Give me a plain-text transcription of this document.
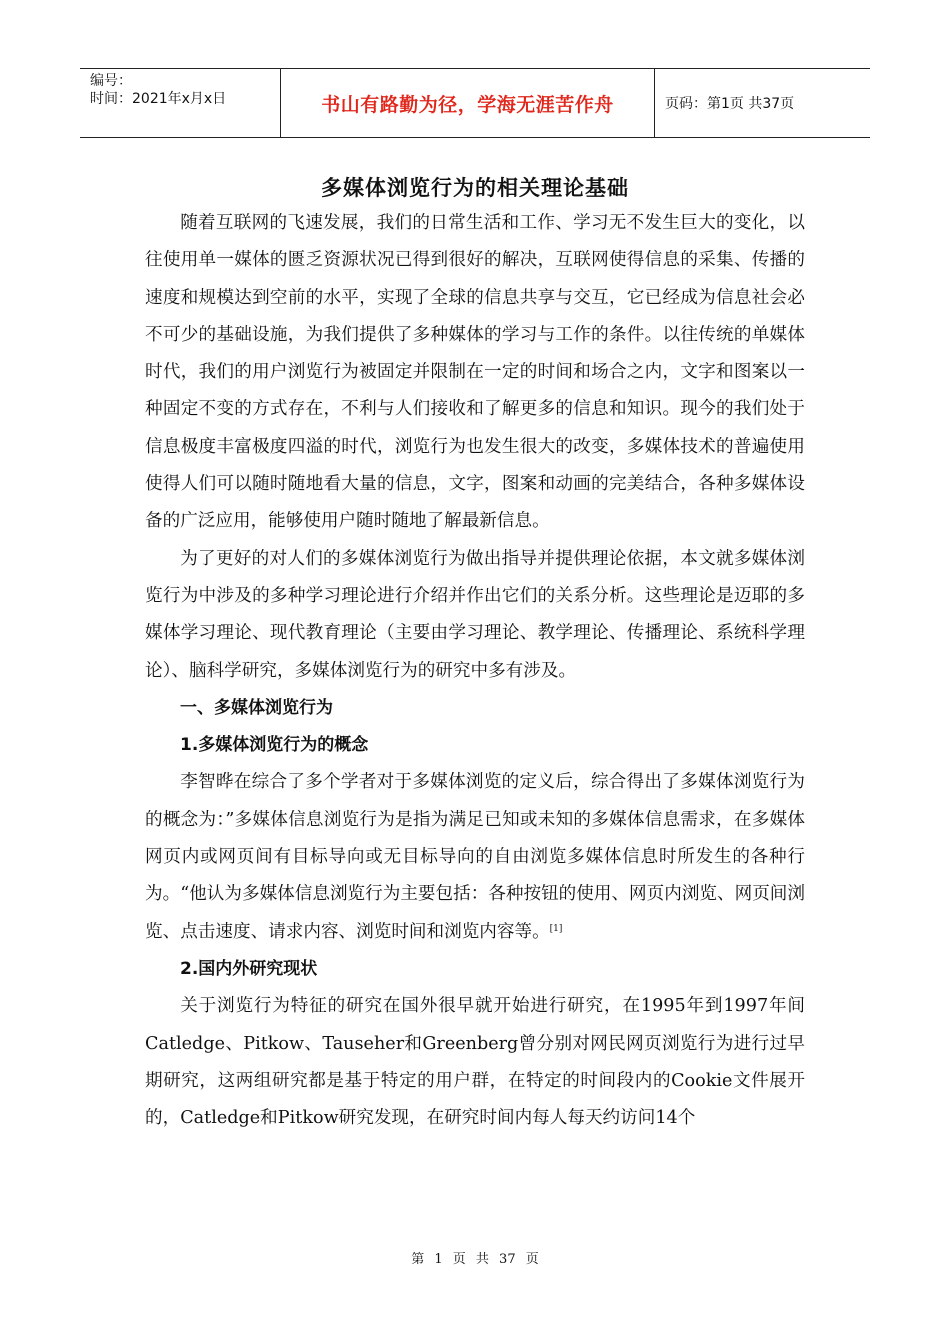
编号：
时间：2021年x月x日	书山有路勤为径，学海无涯苦作舟	页码：第1页 共37页
多媒体浏览行为的相关理论基础

随着互联网的飞速发展，我们的日常生活和工作、学习无不发生巨大的变化，以往使用单一媒体的匮乏资源状况已得到很好的解决，互联网使得信息的采集、传播的速度和规模达到空前的水平，实现了全球的信息共享与交互，它已经成为信息社会必不可少的基础设施，为我们提供了多种媒体的学习与工作的条件。以往传统的单媒体时代，我们的用户浏览行为被固定并限制在一定的时间和场合之内，文字和图案以一种固定不变的方式存在，不利与人们接收和了解更多的信息和知识。现今的我们处于信息极度丰富极度四溢的时代，浏览行为也发生很大的改变，多媒体技术的普遍使用使得人们可以随时随地看大量的信息，文字，图案和动画的完美结合，各种多媒体设备的广泛应用，能够使用户随时随地了解最新信息。

为了更好的对人们的多媒体浏览行为做出指导并提供理论依据，本文就多媒体浏览行为中涉及的多种学习理论进行介绍并作出它们的关系分析。这些理论是迈耶的多媒体学习理论、现代教育理论（主要由学习理论、教学理论、传播理论、系统科学理论）、脑科学研究，多媒体浏览行为的研究中多有涉及。

一、多媒体浏览行为

1.多媒体浏览行为的概念

李智晔在综合了多个学者对于多媒体浏览的定义后，综合得出了多媒体浏览行为的概念为：”多媒体信息浏览行为是指为满足已知或未知的多媒体信息需求，在多媒体网页内或网页间有目标导向或无目标导向的自由浏览多媒体信息时所发生的各种行为。“他认为多媒体信息浏览行为主要包括：各种按钮的使用、网页内浏览、网页间浏览、点击速度、请求内容、浏览时间和浏览内容等。[1]

2.国内外研究现状

关于浏览行为特征的研究在国外很早就开始进行研究，在1995年到1997年间Catledge、Pitkow、Tauseher和Greenberg曾分别对网民网页浏览行为进行过早期研究，这两组研究都是基于特定的用户群，在特定的时间段内的Cookie文件展开的，Catledge和Pitkow研究发现，在研究时间内每人每天约访问14个

第 1 页 共 37 页
